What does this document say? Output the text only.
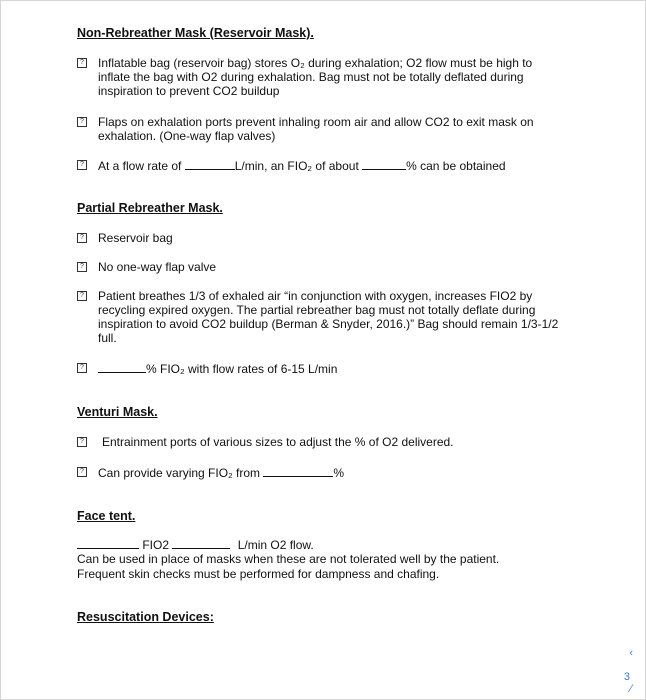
Non-Rebreather Mask (Reservoir Mask).
? Inflatable bag (reservoir bag) stores O₂ during exhalation; O2 flow must be high to inflate the bag with O2 during exhalation. Bag must not be totally deflated during inspiration to prevent CO2 buildup
? Flaps on exhalation ports prevent inhaling room air and allow CO2 to exit mask on exhalation. (One-way flap valves)
? At a flow rate of	L/min, an FIO₂ of about	% can be obtained
Partial Rebreather Mask.
? Reservoir bag
? No one-way flap valve
? Patient breathes 1/3 of exhaled air “in conjunction with oxygen, increases FIO2 by recycling expired oxygen. The partial rebreather bag must not totally deflate during inspiration to avoid CO2 buildup (Berman & Snyder, 2016.)” Bag should remain 1/3-1/2 full.
?	% FIO₂ with flow rates of 6-15 L/min
Venturi Mask.
? Entrainment ports of various sizes to adjust the % of O2 delivered.
? Can provide varying FIO₂ from	%
Face tent.
FIO2	L/min O2 flow.
Can be used in place of masks when these are not tolerated well by the patient.
Frequent skin checks must be performed for dampness and chafing.
Resuscitation Devices:
‹
3
∕
